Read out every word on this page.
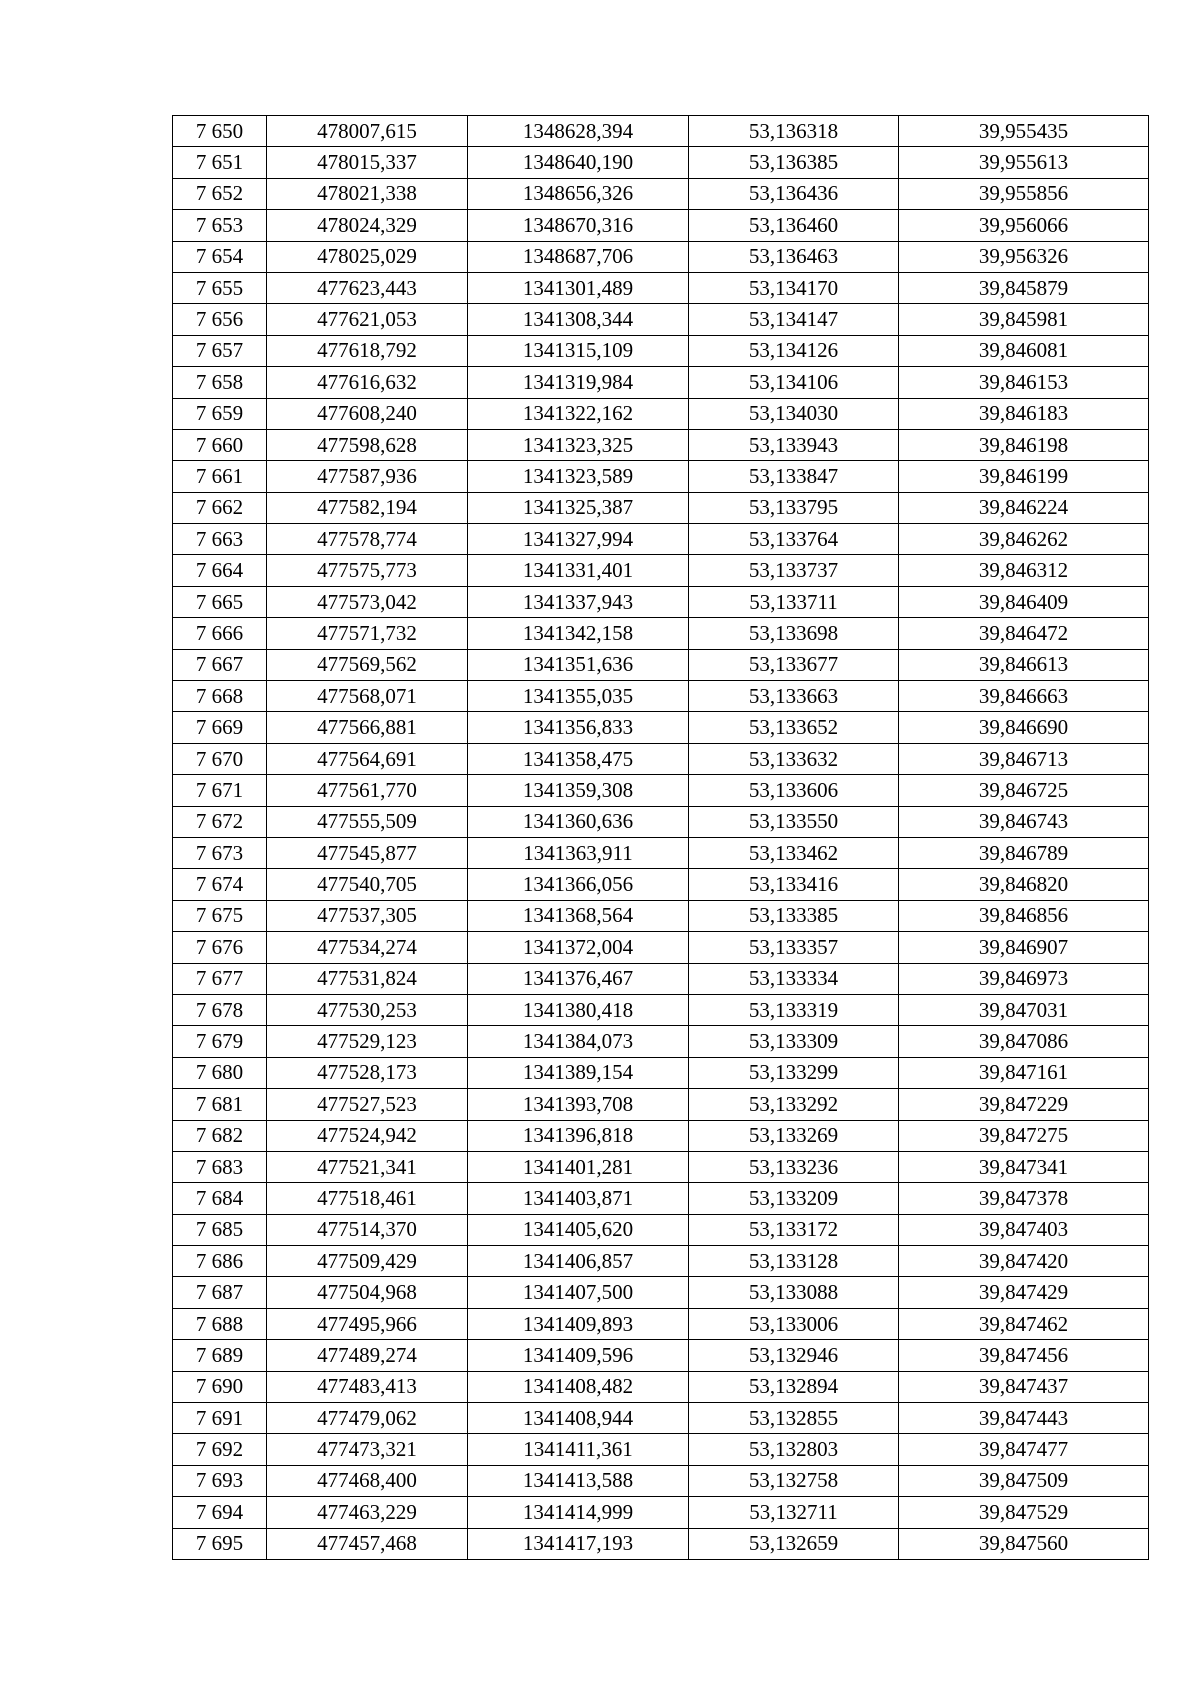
7 650	478007,615	1348628,394	53,136318	39,955435
7 651	478015,337	1348640,190	53,136385	39,955613
7 652	478021,338	1348656,326	53,136436	39,955856
7 653	478024,329	1348670,316	53,136460	39,956066
7 654	478025,029	1348687,706	53,136463	39,956326
7 655	477623,443	1341301,489	53,134170	39,845879
7 656	477621,053	1341308,344	53,134147	39,845981
7 657	477618,792	1341315,109	53,134126	39,846081
7 658	477616,632	1341319,984	53,134106	39,846153
7 659	477608,240	1341322,162	53,134030	39,846183
7 660	477598,628	1341323,325	53,133943	39,846198
7 661	477587,936	1341323,589	53,133847	39,846199
7 662	477582,194	1341325,387	53,133795	39,846224
7 663	477578,774	1341327,994	53,133764	39,846262
7 664	477575,773	1341331,401	53,133737	39,846312
7 665	477573,042	1341337,943	53,133711	39,846409
7 666	477571,732	1341342,158	53,133698	39,846472
7 667	477569,562	1341351,636	53,133677	39,846613
7 668	477568,071	1341355,035	53,133663	39,846663
7 669	477566,881	1341356,833	53,133652	39,846690
7 670	477564,691	1341358,475	53,133632	39,846713
7 671	477561,770	1341359,308	53,133606	39,846725
7 672	477555,509	1341360,636	53,133550	39,846743
7 673	477545,877	1341363,911	53,133462	39,846789
7 674	477540,705	1341366,056	53,133416	39,846820
7 675	477537,305	1341368,564	53,133385	39,846856
7 676	477534,274	1341372,004	53,133357	39,846907
7 677	477531,824	1341376,467	53,133334	39,846973
7 678	477530,253	1341380,418	53,133319	39,847031
7 679	477529,123	1341384,073	53,133309	39,847086
7 680	477528,173	1341389,154	53,133299	39,847161
7 681	477527,523	1341393,708	53,133292	39,847229
7 682	477524,942	1341396,818	53,133269	39,847275
7 683	477521,341	1341401,281	53,133236	39,847341
7 684	477518,461	1341403,871	53,133209	39,847378
7 685	477514,370	1341405,620	53,133172	39,847403
7 686	477509,429	1341406,857	53,133128	39,847420
7 687	477504,968	1341407,500	53,133088	39,847429
7 688	477495,966	1341409,893	53,133006	39,847462
7 689	477489,274	1341409,596	53,132946	39,847456
7 690	477483,413	1341408,482	53,132894	39,847437
7 691	477479,062	1341408,944	53,132855	39,847443
7 692	477473,321	1341411,361	53,132803	39,847477
7 693	477468,400	1341413,588	53,132758	39,847509
7 694	477463,229	1341414,999	53,132711	39,847529
7 695	477457,468	1341417,193	53,132659	39,847560
